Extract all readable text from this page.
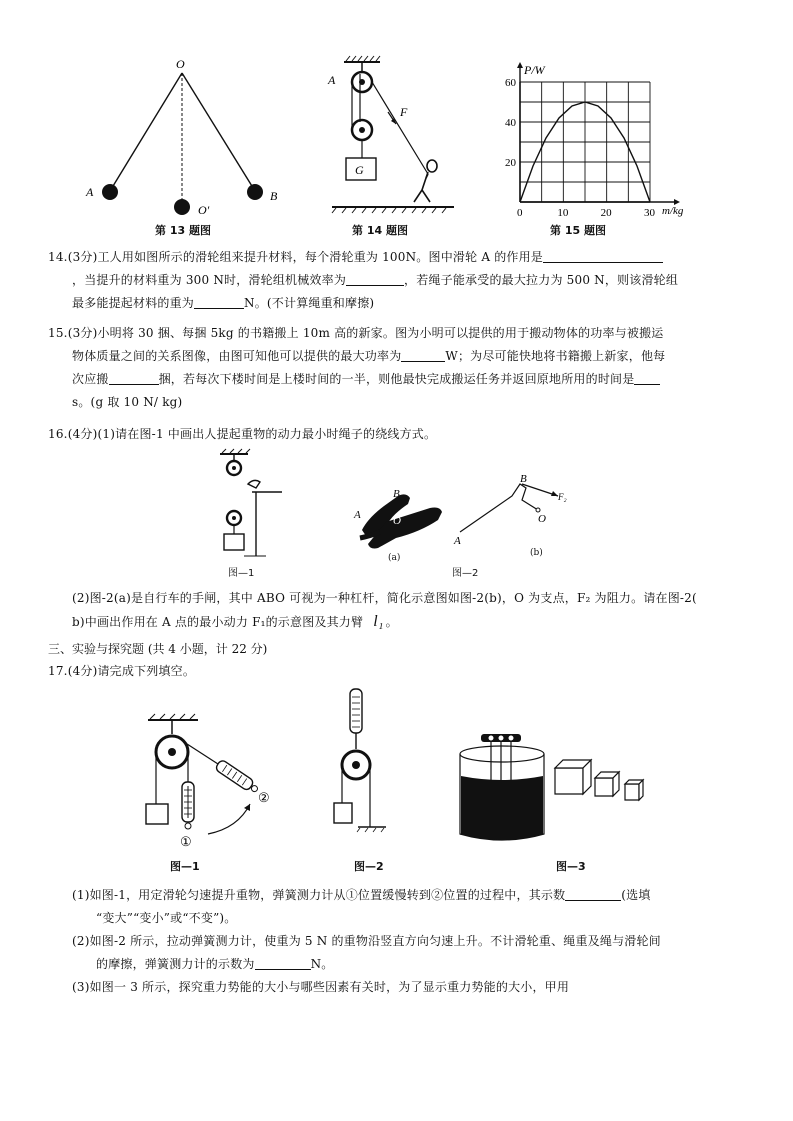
O
A	B
O′
第 13 题图
G
F
A
第 14 题图
0	10	20	30
20
40
60
P/W
m/kg
第 15 题图
14.(3分)工人用如图所示的滑轮组来提升材料，每个滑轮重为 100N。图中滑轮 A 的作用是
，当提升的材料重为 300 N时，滑轮组机械效率为	，若绳子能承受的最大拉力为 500 N，则该滑轮组
最多能提起材料的重为	N。(不计算绳重和摩擦)
15.(3分)小明将 30 捆、每捆 5kg 的书籍搬上 10m 高的新家。图为小明可以提供的用于搬动物体的功率与被搬运
物体质量之间的关系图像，由图可知他可以提供的最大功率为	W；为尽可能快地将书籍搬上新家，他每
次应搬	捆，若每次下楼时间是上楼时间的一半，则他最快完成搬运任务并返回原地所用的时间是
s。(g 取 10 N/ kg)
16.(4分)(1)请在图-1 中画出人提起重物的动力最小时绳子的绕线方式。
图—1
B
A	O
(a)
B
A
O
F₂
(b)
图—2
(2)图-2(a)是自行车的手闸，其中 ABO 可视为一种杠杆，简化示意图如图-2(b)，O 为支点，F₂ 为阻力。请在图-2(
b)中画出作用在 A 点的最小动力 F₁的示意图及其力臂 l₁ 。
三、实验与探究题 (共 4 小题，计 22 分)
17.(4分)请完成下列填空。
①
②
图—1	图—2	图—3
(1)如图-1，用定滑轮匀速提升重物，弹簧测力计从①位置缓慢转到②位置的过程中，其示数	(选填
“变大”“变小”或“不变”)。
(2)如图-2 所示，拉动弹簧测力计，使重为 5 N 的重物沿竖直方向匀速上升。不计滑轮重、绳重及绳与滑轮间
的摩擦，弹簧测力计的示数为	N。
(3)如图一 3 所示，探究重力势能的大小与哪些因素有关时，为了显示重力势能的大小，甲用
